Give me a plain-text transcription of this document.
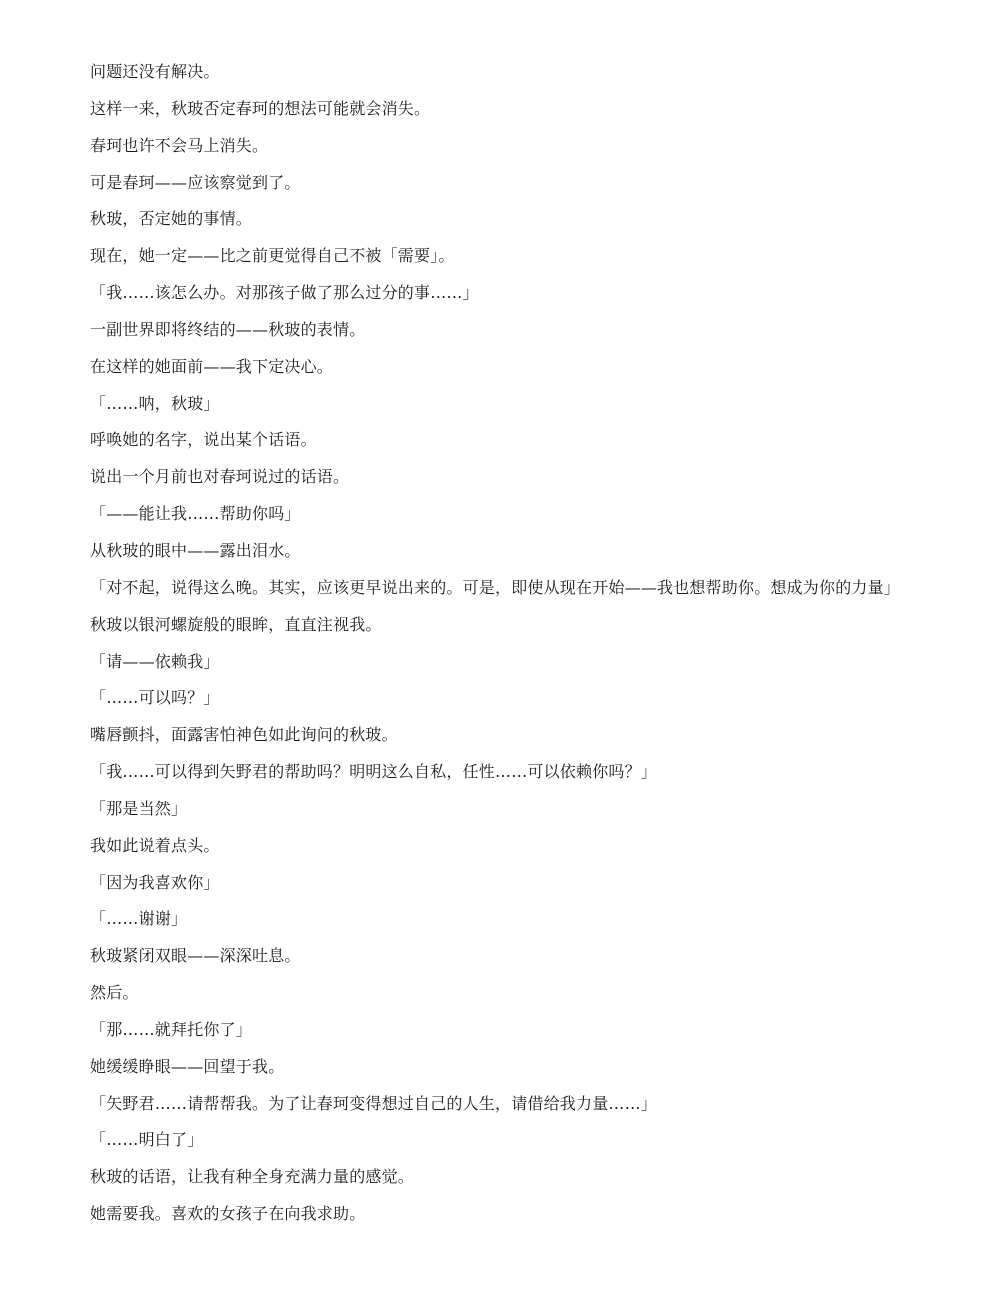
问题还没有解决。
这样一来，秋玻否定春珂的想法可能就会消失。
春珂也许不会马上消失。
可是春珂——应该察觉到了。
秋玻，否定她的事情。
现在，她一定——比之前更觉得自己不被「需要」。
「我……该怎么办。对那孩子做了那么过分的事……」
一副世界即将终结的——秋玻的表情。
在这样的她面前——我下定决心。
「……呐，秋玻」
呼唤她的名字，说出某个话语。
说出一个月前也对春珂说过的话语。
「——能让我……帮助你吗」
从秋玻的眼中——露出泪水。
「对不起，说得这么晚。其实，应该更早说出来的。可是，即使从现在开始——我也想帮助你。想成为你的力量」
秋玻以银河螺旋般的眼眸，直直注视我。
「请——依赖我」
「……可以吗？」
嘴唇颤抖，面露害怕神色如此询问的秋玻。
「我……可以得到矢野君的帮助吗？明明这么自私，任性……可以依赖你吗？」
「那是当然」
我如此说着点头。
「因为我喜欢你」
「……谢谢」
秋玻紧闭双眼——深深吐息。
然后。
「那……就拜托你了」
她缓缓睁眼——回望于我。
「矢野君……请帮帮我。为了让春珂变得想过自己的人生，请借给我力量……」
「……明白了」
秋玻的话语，让我有种全身充满力量的感觉。
她需要我。喜欢的女孩子在向我求助。
